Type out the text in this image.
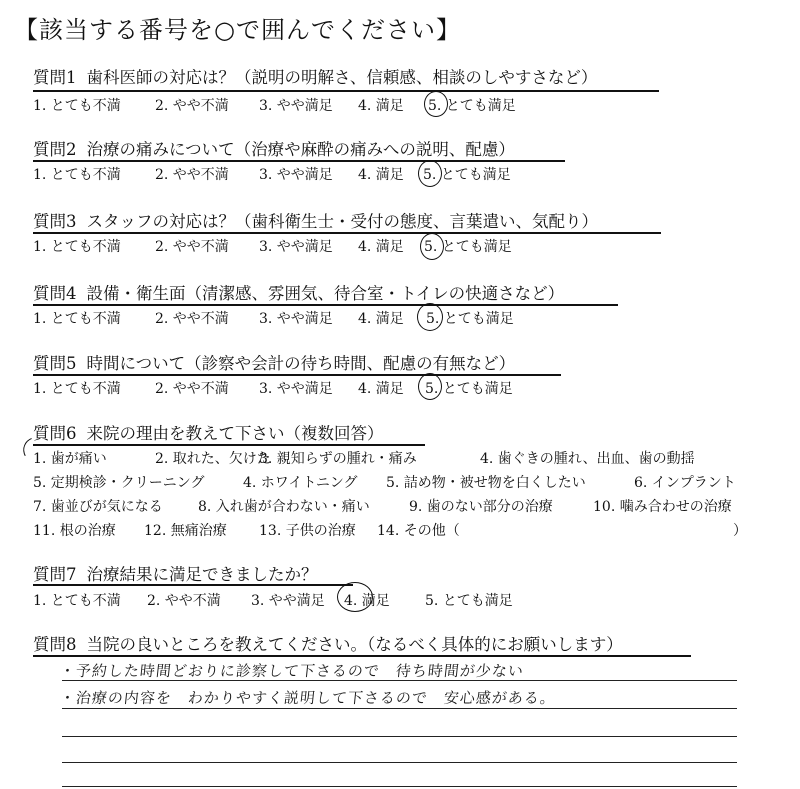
【該当する番号を○で囲んでください】
質問1 歯科医師の対応は？（説明の明解さ、信頼感、相談のしやすさなど）
1. とても不満 2. やや不満 3. やや満足 4. 満足 5. とても満足
質問2 治療の痛みについて（治療や麻酔の痛みへの説明、配慮）
1. とても不満 2. やや不満 3. やや満足 4. 満足 5. とても満足
質問3 スタッフの対応は？（歯科衛生士・受付の態度、言葉遣い、気配り）
1. とても不満 2. やや不満 3. やや満足 4. 満足 5. とても満足
質問4 設備・衛生面（清潔感、雰囲気、待合室・トイレの快適さなど）
1. とても不満 2. やや不満 3. やや満足 4. 満足 5. とても満足
質問5 時間について（診察や会計の待ち時間、配慮の有無など）
1. とても不満 2. やや不満 3. やや満足 4. 満足 5. とても満足
質問6 来院の理由を教えて下さい（複数回答）
1. 歯が痛い	2. 取れた、欠けた
3. 親知らずの腫れ・痛み	4. 歯ぐきの腫れ、出血、歯の動揺
5. 定期検診・クリーニング	4. ホワイトニング 5. 詰め物・被せ物を白くしたい	6. インプラント
7. 歯並びが気になる	8. 入れ歯が合わない・痛い	9. 歯のない部分の治療	10. 噛み合わせの治療
11. 根の治療 12. 無痛治療 13. 子供の治療 14. その他（	）
質問7 治療結果に満足できましたか？
1. とても不満 2. やや不満 3. やや満足 4. 満足	5. とても満足
質問8 当院の良いところを教えてください。（なるべく具体的にお願いします）
・予約した時間どおりに診察して下さるので　待ち時間が少ない
・治療の内容を　わかりやすく説明して下さるので　安心感がある。
